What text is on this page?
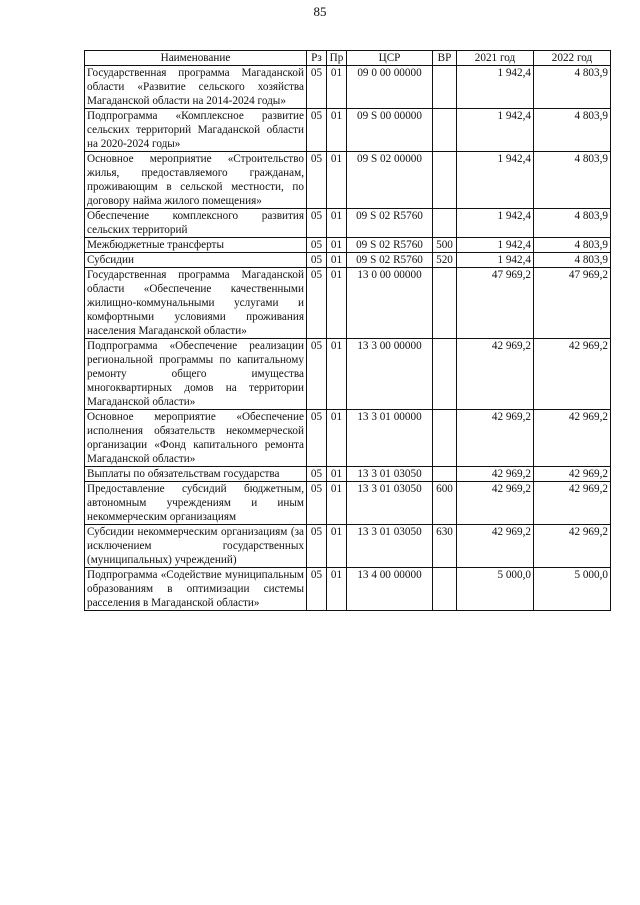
85
Наименование	Рз	Пр	ЦСР	ВР	2021 год	2022 год
Государственная программа Магаданской области «Развитие сельского хозяйства Магаданской области на 2014-2024 годы»	05	01	09 0 00 00000		1 942,4	4 803,9
Подпрограмма «Комплексное развитие сельских территорий Магаданской области на 2020-2024 годы»	05	01	09 S 00 00000		1 942,4	4 803,9
Основное мероприятие «Строительство жилья, предоставляемого гражданам, проживающим в сельской местности, по договору найма жилого помещения»	05	01	09 S 02 00000		1 942,4	4 803,9
Обеспечение комплексного развития сельских территорий	05	01	09 S 02 R5760		1 942,4	4 803,9
Межбюджетные трансферты	05	01	09 S 02 R5760	500	1 942,4	4 803,9
Субсидии	05	01	09 S 02 R5760	520	1 942,4	4 803,9
Государственная программа Магаданской области «Обеспечение качественными жилищно-коммунальными услугами и комфортными условиями проживания населения Магаданской области»	05	01	13 0 00 00000		47 969,2	47 969,2
Подпрограмма «Обеспечение реализации региональной программы по капитальному ремонту общего имущества многоквартирных домов на территории Магаданской области»	05	01	13 3 00 00000		42 969,2	42 969,2
Основное мероприятие «Обеспечение исполнения обязательств некоммерческой организации «Фонд капитального ремонта Магаданской области»	05	01	13 3 01 00000		42 969,2	42 969,2
Выплаты по обязательствам государства	05	01	13 3 01 03050		42 969,2	42 969,2
Предоставление субсидий бюджетным, автономным учреждениям и иным некоммерческим организациям	05	01	13 3 01 03050	600	42 969,2	42 969,2
Субсидии некоммерческим организациям (за исключением государственных (муниципальных) учреждений)	05	01	13 3 01 03050	630	42 969,2	42 969,2
Подпрограмма «Содействие муниципальным образованиям в оптимизации системы расселения в Магаданской области»	05	01	13 4 00 00000		5 000,0	5 000,0
